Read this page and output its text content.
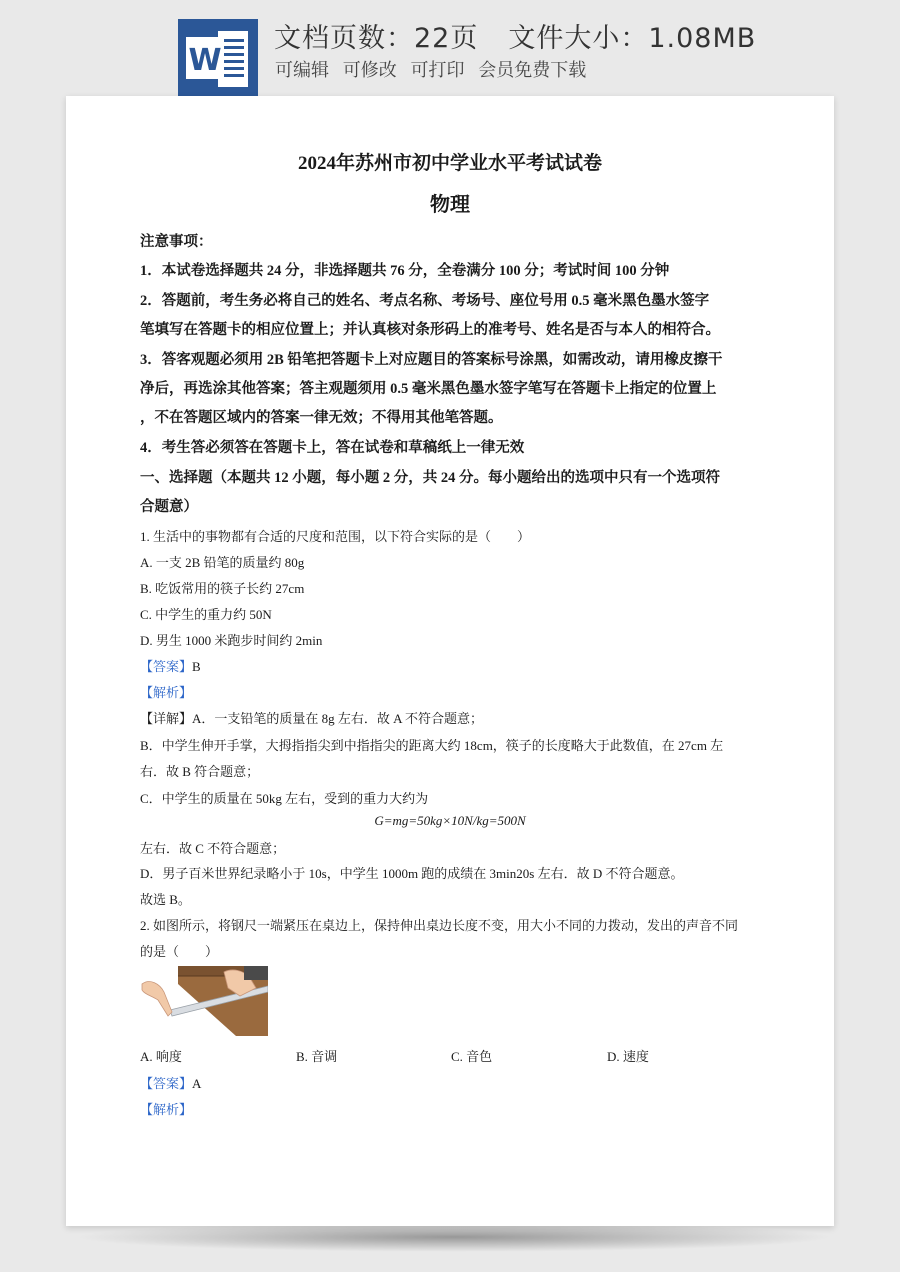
W
文档页数：22页 文件大小：1.08MB
可编辑 可修改 可打印 会员免费下载
2024年苏州市初中学业水平考试试卷
物理
注意事项：
1．本试卷选择题共 24 分，非选择题共 76 分，全卷满分 100 分；考试时间 100 分钟
2．答题前，考生务必将自己的姓名、考点名称、考场号、座位号用 0.5 毫米黑色墨水签字
笔填写在答题卡的相应位置上；并认真核对条形码上的准考号、姓名是否与本人的相符合。
3．答客观题必须用 2B 铅笔把答题卡上对应题目的答案标号涂黑，如需改动，请用橡皮擦干
净后，再选涂其他答案；答主观题须用 0.5 毫米黑色墨水签字笔写在答题卡上指定的位置上
，不在答题区域内的答案一律无效；不得用其他笔答题。
4．考生答必须答在答题卡上，答在试卷和草稿纸上一律无效
一、选择题（本题共 12 小题，每小题 2 分，共 24 分。每小题给出的选项中只有一个选项符
合题意）
1. 生活中的事物都有合适的尺度和范围，以下符合实际的是（　　）
A. 一支 2B 铅笔的质量约 80g
B. 吃饭常用的筷子长约 27cm
C. 中学生的重力约 50N
D. 男生 1000 米跑步时间约 2min
【答案】B
【解析】
【详解】A．一支铅笔的质量在 8g 左右．故 A 不符合题意；
B．中学生伸开手掌，大拇指指尖到中指指尖的距离大约 18cm，筷子的长度略大于此数值，在 27cm 左
右．故 B 符合题意；
C．中学生的质量在 50kg 左右，受到的重力大约为
G=mg=50kg×10N/kg=500N
左右．故 C 不符合题意；
D．男子百米世界纪录略小于 10s，中学生 1000m 跑的成绩在 3min20s 左右．故 D 不符合题意。
故选 B。
2. 如图所示，将钢尺一端紧压在桌边上，保持伸出桌边长度不变，用大小不同的力拨动，发出的声音不同
的是（　　）
A. 响度	B. 音调	C. 音色	D. 速度
【答案】A
【解析】
